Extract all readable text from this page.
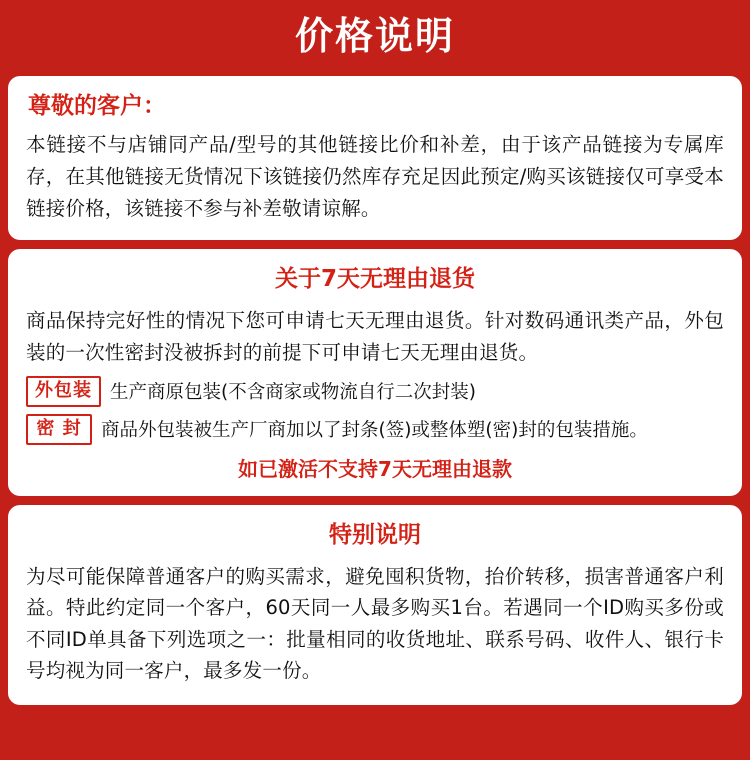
价格说明
尊敬的客户：
本链接不与店铺同产品/型号的其他链接比价和补差，由于该产品链接为专属库存，在其他链接无货情况下该链接仍然库存充足因此预定/购买该链接仅可享受本链接价格，该链接不参与补差敬请谅解。
关于7天无理由退货
商品保持完好性的情况下您可申请七天无理由退货。针对数码通讯类产品，外包装的一次性密封没被拆封的前提下可申请七天无理由退货。
外包装 生产商原包装(不含商家或物流自行二次封装)
密 封	商品外包装被生产厂商加以了封条(签)或整体塑(密)封的包装措施。
如已激活不支持7天无理由退款
特别说明
为尽可能保障普通客户的购买需求，避免囤积货物，抬价转移，损害普通客户利益。特此约定同一个客户，60天同一人最多购买1台。若遇同一个ID购买多份或不同ID单具备下列选项之一：批量相同的收货地址、联系号码、收件人、银行卡号均视为同一客户，最多发一份。
